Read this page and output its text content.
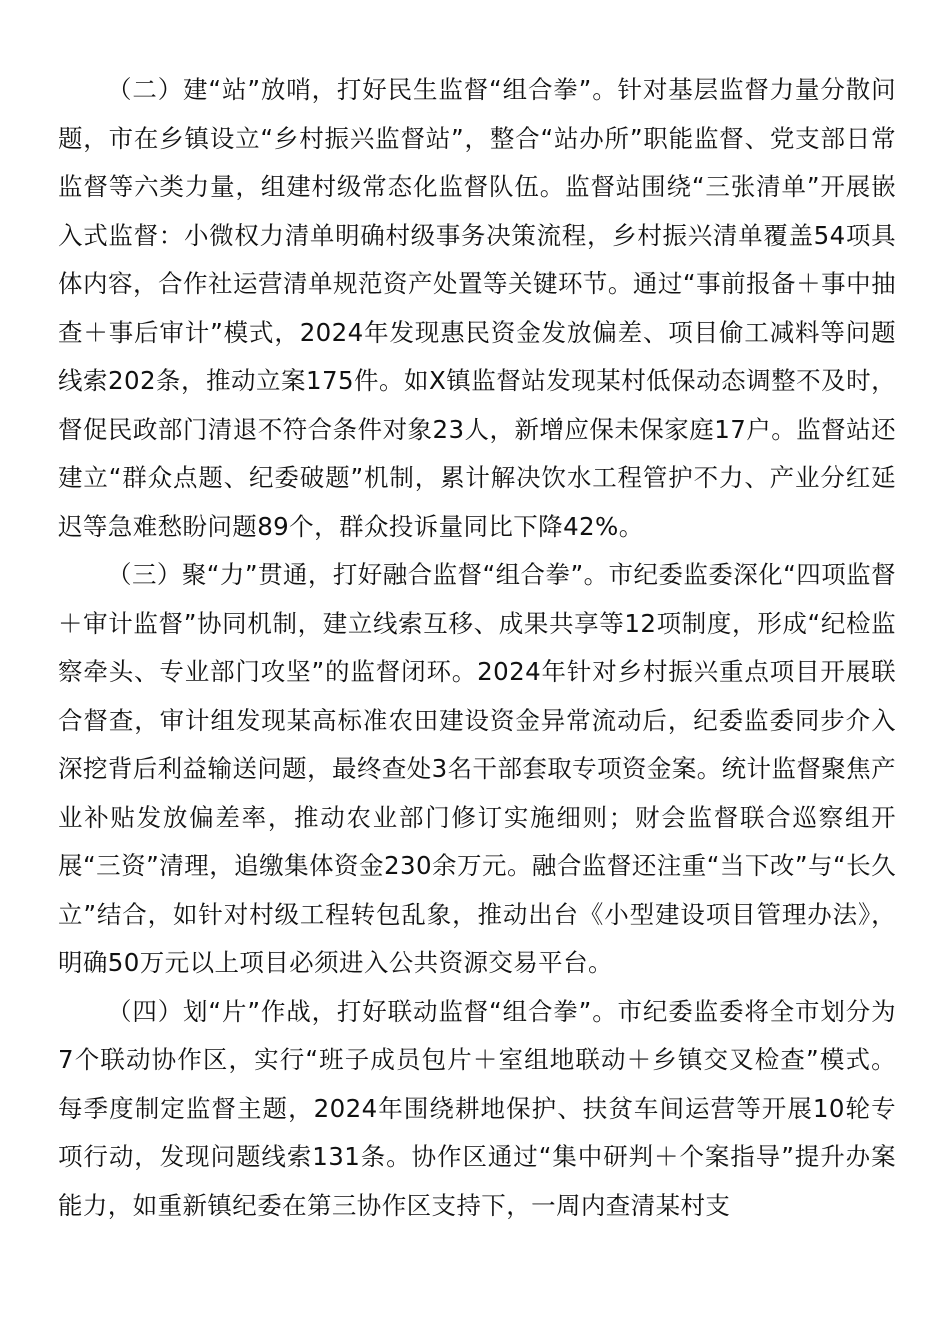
（二）建“站”放哨，打好民生监督“组合拳”。针对基层监督力量分散问题，市在乡镇设立“乡村振兴监督站”，整合“站办所”职能监督、党支部日常监督等六类力量，组建村级常态化监督队伍。监督站围绕“三张清单”开展嵌入式监督：小微权力清单明确村级事务决策流程，乡村振兴清单覆盖54项具体内容，合作社运营清单规范资产处置等关键环节。通过“事前报备＋事中抽查＋事后审计”模式，2024年发现惠民资金发放偏差、项目偷工减料等问题线索202条，推动立案175件。如X镇监督站发现某村低保动态调整不及时，督促民政部门清退不符合条件对象23人，新增应保未保家庭17户。监督站还建立“群众点题、纪委破题”机制，累计解决饮水工程管护不力、产业分红延迟等急难愁盼问题89个，群众投诉量同比下降42%。

（三）聚“力”贯通，打好融合监督“组合拳”。市纪委监委深化“四项监督＋审计监督”协同机制，建立线索互移、成果共享等12项制度，形成“纪检监察牵头、专业部门攻坚”的监督闭环。2024年针对乡村振兴重点项目开展联合督查，审计组发现某高标准农田建设资金异常流动后，纪委监委同步介入深挖背后利益输送问题，最终查处3名干部套取专项资金案。统计监督聚焦产业补贴发放偏差率，推动农业部门修订实施细则；财会监督联合巡察组开展“三资”清理，追缴集体资金230余万元。融合监督还注重“当下改”与“长久立”结合，如针对村级工程转包乱象，推动出台《小型建设项目管理办法》，明确50万元以上项目必须进入公共资源交易平台。

（四）划“片”作战，打好联动监督“组合拳”。市纪委监委将全市划分为7个联动协作区，实行“班子成员包片＋室组地联动＋乡镇交叉检查”模式。每季度制定监督主题，2024年围绕耕地保护、扶贫车间运营等开展10轮专项行动，发现问题线索131条。协作区通过“集中研判＋个案指导”提升办案能力，如重新镇纪委在第三协作区支持下，一周内查清某村支
